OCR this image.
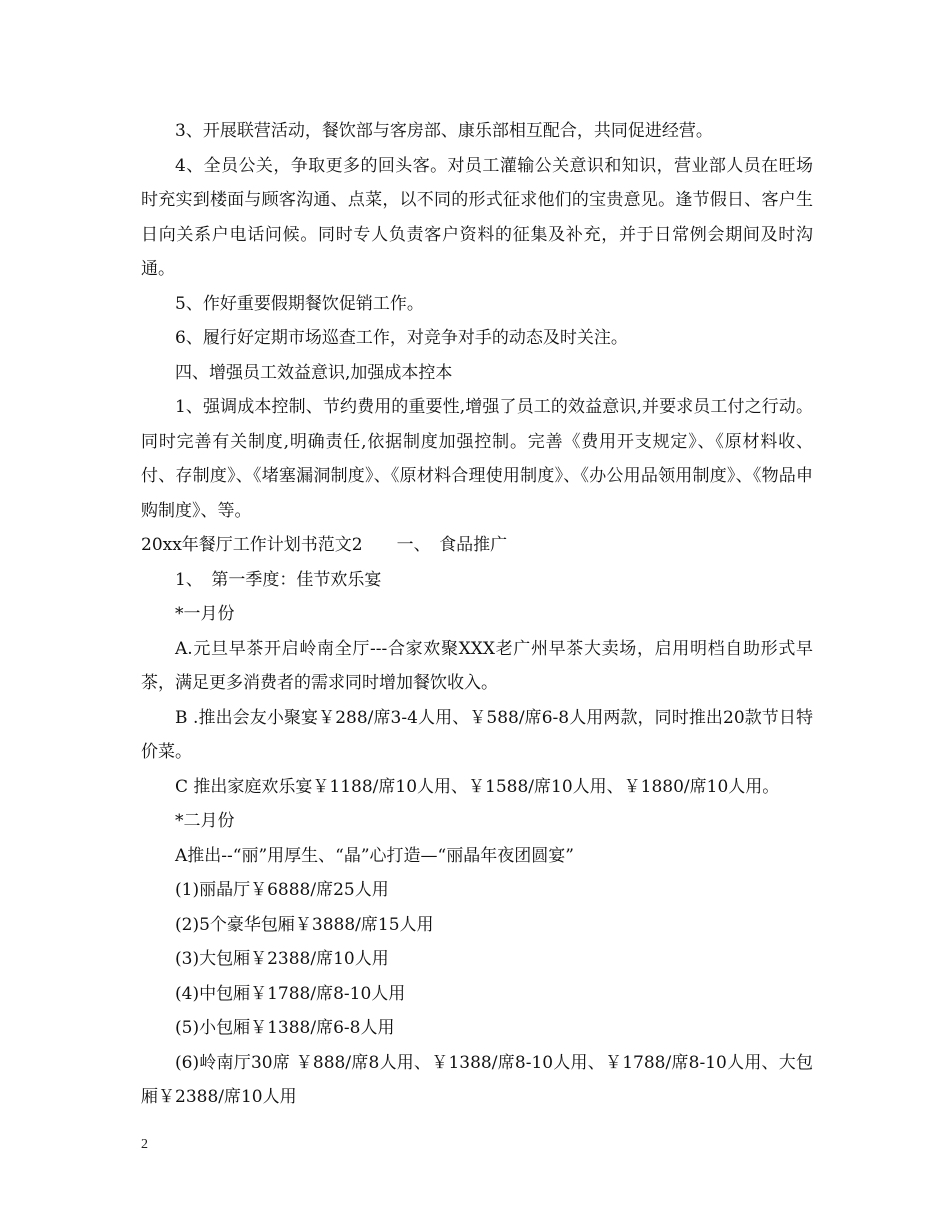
3、开展联营活动，餐饮部与客房部、康乐部相互配合，共同促进经营。

4、全员公关，争取更多的回头客。对员工灌输公关意识和知识，营业部人员在旺场时充实到楼面与顾客沟通、点菜，以不同的形式征求他们的宝贵意见。逢节假日、客户生日向关系户电话问候。同时专人负责客户资料的征集及补充，并于日常例会期间及时沟通。

5、作好重要假期餐饮促销工作。

6、履行好定期市场巡查工作，对竞争对手的动态及时关注。

四、增强员工效益意识,加强成本控本

1、强调成本控制、节约费用的重要性,增强了员工的效益意识,并要求员工付之行动。同时完善有关制度,明确责任,依据制度加强控制。完善《费用开支规定》、《原材料收、付、存制度》、《堵塞漏洞制度》、《原材料合理使用制度》、《办公用品领用制度》、《物品申购制度》、等。

20xx年餐厅工作计划书范文2　　一、　食品推广

1、　第一季度：佳节欢乐宴

*一月份

A.元旦早茶开启岭南全厅---合家欢聚XXX老广州早茶大卖场，启用明档自助形式早茶，满足更多消费者的需求同时增加餐饮收入。

B .推出会友小聚宴￥288/席3-4人用、￥588/席6-8人用两款，同时推出20款节日特价菜。

C 推出家庭欢乐宴￥1188/席10人用、￥1588/席10人用、￥1880/席10人用。

*二月份

A推出--“丽”用厚生、“晶”心打造—“丽晶年夜团圆宴”

(1)丽晶厅￥6888/席25人用

(2)5个豪华包厢￥3888/席15人用

(3)大包厢￥2388/席10人用

(4)中包厢￥1788/席8-10人用

(5)小包厢￥1388/席6-8人用

(6)岭南厅30席 ￥888/席8人用、￥1388/席8-10人用、￥1788/席8-10人用、大包厢￥2388/席10人用

2
